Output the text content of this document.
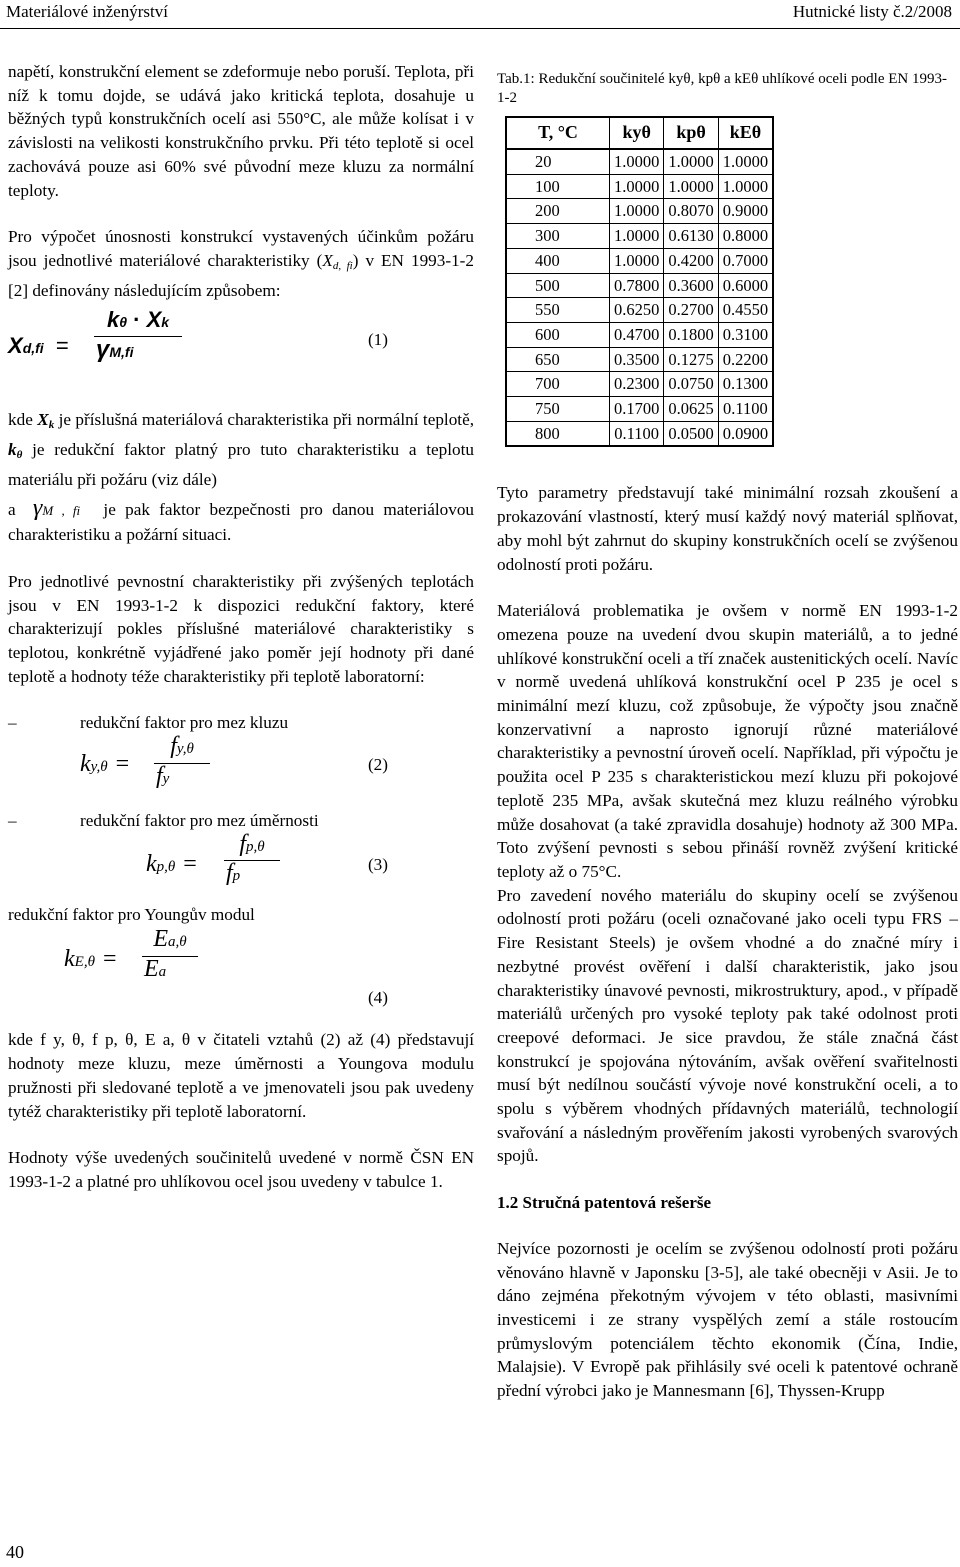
Materiálové inženýrství	Hutnické listy č.2/2008

napětí, konstrukční element se zdeformuje nebo poruší. Teplota, při níž k tomu dojde, se udává jako kritická teplota, dosahuje u běžných typů konstrukčních ocelí asi 550°C, ale může kolísat i v závislosti na velikosti konstrukčního prvku. Při této teplotě si ocel zachovává pouze asi 60% své původní meze kluzu za normální teploty.

Pro výpočet únosnosti konstrukcí vystavených účinkům požáru jsou jednotlivé materiálové charakteristiky $(X_{d, fi})$ v EN 1993-1-2 [2] definovány následujícím způsobem:

$Xd,fi = \frac{k\theta \cdot Xk}{\gamma M,fi}$	(1)

kde $X_k$ je příslušná materiálová charakteristika při normální teplotě, $k_\theta$ je redukční faktor platný pro tuto charakteristiku a teplotu materiálu při požáru (viz dále)

a γM , fi je pak faktor bezpečnosti pro danou materiálovou charakteristiku a požární situaci.

Pro jednotlivé pevnostní charakteristiky při zvýšených teplotách jsou v EN 1993-1-2 k dispozici redukční faktory, které charakterizují pokles příslušné materiálové charakteristiky s teplotou, konkrétně vyjádřené jako poměr její hodnoty při dané teplotě a hodnoty téže charakteristiky při teplotě laboratorní:

–	redukční faktor pro mez kluzu
$ky,\theta = \frac{fy,\theta}{fy}$	(2)
–	redukční faktor pro mez úměrnosti
$kp,\theta = \frac{fp,\theta}{fp}$	(3)
redukční faktor pro Youngův modul
$kE,\theta = \frac{Ea,\theta}{Ea}$
(4)

kde f y, θ, f p, θ, E a, θ v čitateli vztahů (2) až (4) představují hodnoty meze kluzu, meze úměrnosti a Youngova modulu pružnosti při sledované teplotě a ve jmenovateli jsou pak uvedeny tytéž charakteristiky při teplotě laboratorní.

Hodnoty výše uvedených součinitelů uvedené v normě ČSN EN 1993-1-2 a platné pro uhlíkovou ocel jsou uvedeny v tabulce 1.

Tab.1: Redukční součinitelé kyθ, kpθ a kEθ uhlíkové oceli podle EN 1993-1-2
T, °C	kyθ	kpθ	kEθ
20	1.0000	1.0000	1.0000
100	1.0000	1.0000	1.0000
200	1.0000	0.8070	0.9000
300	1.0000	0.6130	0.8000
400	1.0000	0.4200	0.7000
500	0.7800	0.3600	0.6000
550	0.6250	0.2700	0.4550
600	0.4700	0.1800	0.3100
650	0.3500	0.1275	0.2200
700	0.2300	0.0750	0.1300
750	0.1700	0.0625	0.1100
800	0.1100	0.0500	0.0900

Tyto parametry představují také minimální rozsah zkoušení a prokazování vlastností, který musí každý nový materiál splňovat, aby mohl být zahrnut do skupiny konstrukčních ocelí se zvýšenou odolností proti požáru.

Materiálová problematika je ovšem v normě EN 1993-1-2 omezena pouze na uvedení dvou skupin materiálů, a to jedné uhlíkové konstrukční oceli a tří značek austenitických ocelí. Navíc v normě uvedená uhlíková konstrukční ocel P 235 je ocel s minimální mezí kluzu, což způsobuje, že výpočty jsou značně konzervativní a naprosto ignorují různé materiálové charakteristiky a pevnostní úroveň ocelí. Například, při výpočtu je použita ocel P 235 s charakteristickou mezí kluzu při pokojové teplotě 235 MPa, avšak skutečná mez kluzu reálného výrobku může dosahovat (a také zpravidla dosahuje) hodnoty až 300 MPa. Toto zvýšení pevnosti s sebou přináší rovněž zvýšení kritické teploty až o 75°C.

Pro zavedení nového materiálu do skupiny ocelí se zvýšenou odolností proti požáru (oceli označované jako oceli typu FRS – Fire Resistant Steels) je ovšem vhodné a do značné míry i nezbytné provést ověření i další charakteristik, jako jsou charakteristiky únavové pevnosti, mikrostruktury, apod., v případě materiálů určených pro vysoké teploty pak také odolnost proti creepové deformaci. Je sice pravdou, že stále značná část konstrukcí je spojována nýtováním, avšak ověření svařitelnosti musí být nedílnou součástí vývoje nové konstrukční oceli, a to spolu s výběrem vhodných přídavných materiálů, technologií svařování a následným prověřením jakosti vyrobených svarových spojů.

1.2 Stručná patentová rešerše

Nejvíce pozornosti je ocelím se zvýšenou odolností proti požáru věnováno hlavně v Japonsku [3-5], ale také obecněji v Asii. Je to dáno zejména překotným vývojem v této oblasti, masivními investicemi i ze strany vyspělých zemí a stále rostoucím průmyslovým potenciálem těchto ekonomik (Čína, Indie, Malajsie). V Evropě pak přihlásily své oceli k patentové ochraně přední výrobci jako je Mannesmann [6], Thyssen-Krupp

40
